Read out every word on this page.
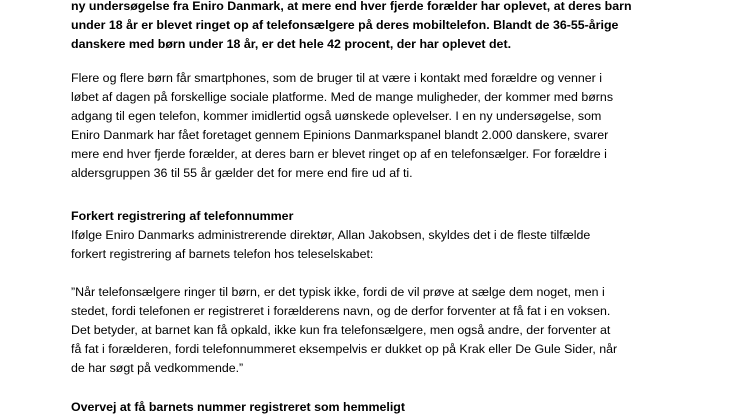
ny undersøgelse fra Eniro Danmark, at mere end hver fjerde forælder har oplevet, at deres barn

under 18 år er blevet ringet op af telefonsælgere på deres mobiltelefon. Blandt de 36-55-årige

danskere med børn under 18 år, er det hele 42 procent, der har oplevet det.

Flere og flere børn får smartphones, som de bruger til at være i kontakt med forældre og venner i

løbet af dagen på forskellige sociale platforme. Med de mange muligheder, der kommer med børns

adgang til egen telefon, kommer imidlertid også uønskede oplevelser. I en ny undersøgelse, som

Eniro Danmark har fået foretaget gennem Epinions Danmarkspanel blandt 2.000 danskere, svarer

mere end hver fjerde forælder, at deres barn er blevet ringet op af en telefonsælger. For forældre i

aldersgruppen 36 til 55 år gælder det for mere end fire ud af ti.

Forkert registrering af telefonnummer

Ifølge Eniro Danmarks administrerende direktør, Allan Jakobsen, skyldes det i de fleste tilfælde

forkert registrering af barnets telefon hos teleselskabet:

”Når telefonsælgere ringer til børn, er det typisk ikke, fordi de vil prøve at sælge dem noget, men i

stedet, fordi telefonen er registreret i forælderens navn, og de derfor forventer at få fat i en voksen.

Det betyder, at barnet kan få opkald, ikke kun fra telefonsælgere, men også andre, der forventer at

få fat i forælderen, fordi telefonnummeret eksempelvis er dukket op på Krak eller De Gule Sider, når

de har søgt på vedkommende.”

Overvej at få barnets nummer registreret som hemmeligt
